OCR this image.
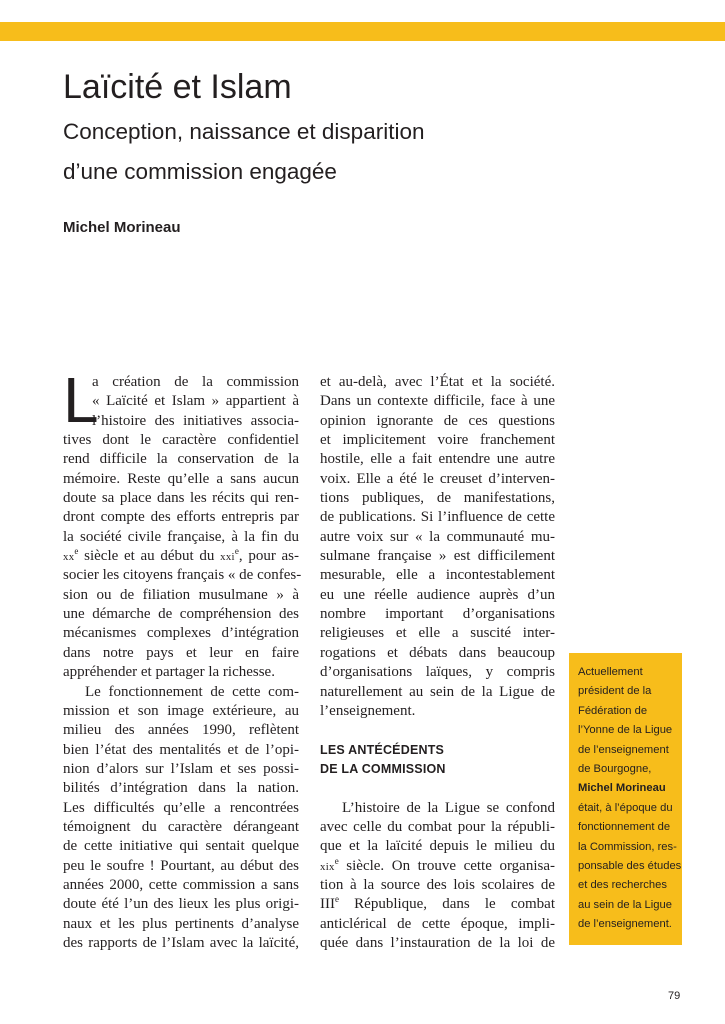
Laïcité et Islam
Conception, naissance et disparition
d’une commission engagée
Michel Morineau
L
a création de la commission
« Laïcité et Islam » appartient à
l’histoire des initiatives associa-
tives dont le caractère confidentiel
rend difficile la conservation de la
mémoire. Reste qu’elle a sans aucun
doute sa place dans les récits qui ren-
dront compte des efforts entrepris par
la société civile française, à la fin du
$xx^e$ siècle et au début du xxi$^e$, pour as-
socier les citoyens français « de confes-
sion ou de filiation musulmane » à
une démarche de compréhension des
mécanismes complexes d’intégration
dans notre pays et leur en faire
appréhender et partager la richesse.
Le fonctionnement de cette com-
mission et son image extérieure, au
milieu des années 1990, reflètent
bien l’état des mentalités et de l’opi-
nion d’alors sur l’Islam et ses possi-
bilités d’intégration dans la nation.
Les difficultés qu’elle a rencontrées
témoignent du caractère dérangeant
de cette initiative qui sentait quelque
peu le soufre ! Pourtant, au début des
années 2000, cette commission a sans
doute été l’un des lieux les plus origi-
naux et les plus pertinents d’analyse
des rapports de l’Islam avec la laïcité,
et au-delà, avec l’État et la société.
Dans un contexte difficile, face à une
opinion ignorante de ces questions
et implicitement voire franchement
hostile, elle a fait entendre une autre
voix. Elle a été le creuset d’interven-
tions publiques, de manifestations,
de publications. Si l’influence de cette
autre voix sur « la communauté mu-
sulmane française » est difficilement
mesurable, elle a incontestablement
eu une réelle audience auprès d’un
nombre important d’organisations
religieuses et elle a suscité inter-
rogations et débats dans beaucoup
d’organisations laïques, y compris
naturellement au sein de la Ligue de
l’enseignement.
LES ANTÉCÉDENTS
DE LA COMMISSION
L’histoire de la Ligue se confond
avec celle du combat pour la républi-
que et la laïcité depuis le milieu du
xix$^e$ siècle. On trouve cette organisa-
tion à la source des lois scolaires de
IIIe République, dans le combat
anticlérical de cette époque, impli-
quée dans l’instauration de la loi de
Actuellement
président de la
Fédération de
l’Yonne de la Ligue
de l’enseignement
de Bourgogne,
Michel Morineau
était, à l’époque du
fonctionnement de
la Commission, res-
ponsable des études
et des recherches
au sein de la Ligue
de l’enseignement.
79
